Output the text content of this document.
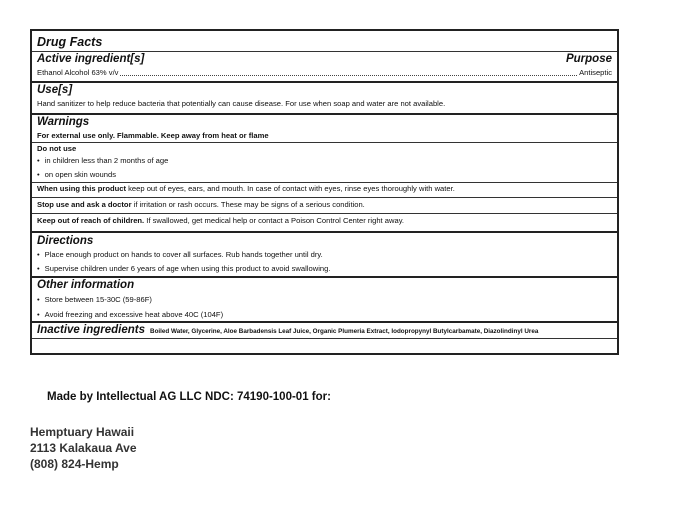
Drug Facts
Active ingredient[s]	Purpose
Ethanol Alcohol 63% v/v	Antiseptic
Use[s]
Hand sanitizer to help reduce bacteria that potentially can cause disease. For use when soap and water are not available.
Warnings
For external use only. Flammable. Keep away from heat or flame
Do not use
• in children less than 2 months of age
• on open skin wounds
When using this product keep out of eyes, ears, and mouth. In case of contact with eyes, rinse eyes thoroughly with water.
Stop use and ask a doctor if irritation or rash occurs. These may be signs of a serious condition.
Keep out of reach of children. If swallowed, get medical help or contact a Poison Control Center right away.
Directions
• Place enough product on hands to cover all surfaces. Rub hands together until dry.
• Supervise children under 6 years of age when using this product to avoid swallowing.
Other information
• Store between 15-30C (59-86F)
• Avoid freezing and excessive heat above 40C (104F)
Inactive ingredients Boiled Water, Glycerine, Aloe Barbadensis Leaf Juice, Organic Plumeria Extract, Iodopropynyl Butylcarbamate, Diazolindinyl Urea
Made by Intellectual AG LLC NDC: 74190-100-01 for:
Hemptuary Hawaii
2113 Kalakaua Ave
(808) 824-Hemp
